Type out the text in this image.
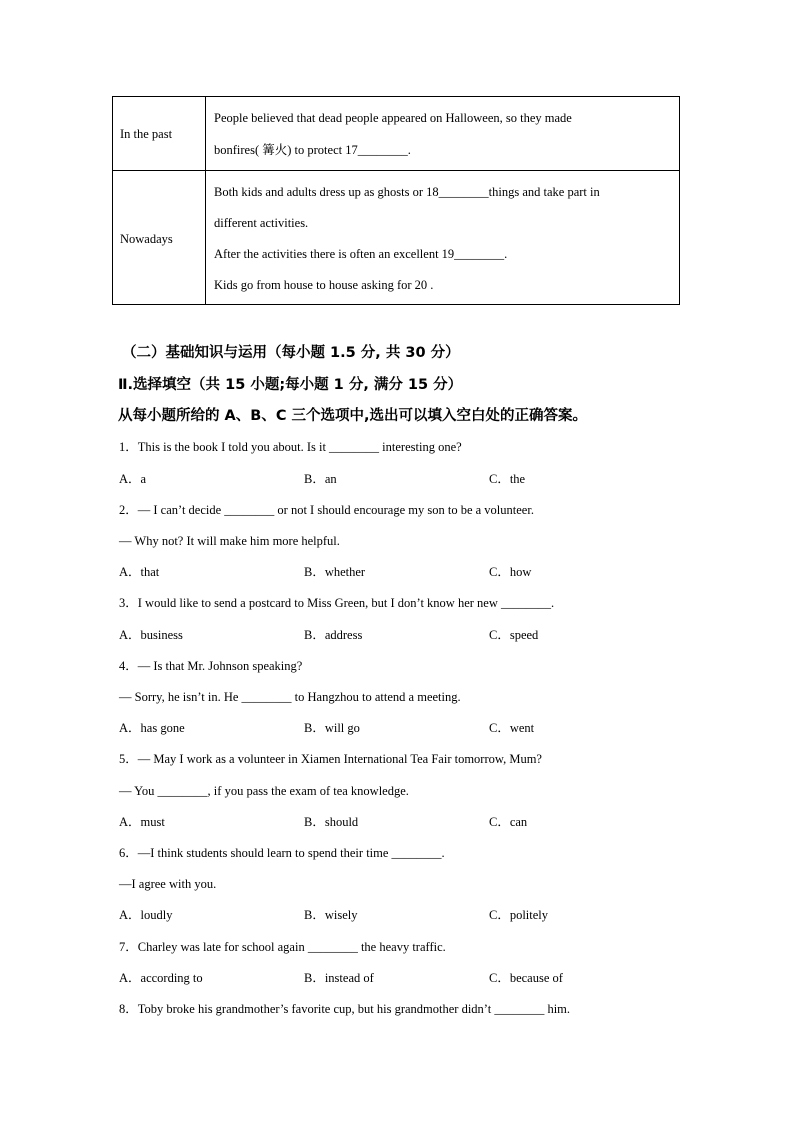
In the past
People believed that dead people appeared on Halloween, so they made
bonfires( 篝火) to protect 17________.
Nowadays
Both kids and adults dress up as ghosts or 18________things and take part in
different activities.
After the activities there is often an excellent 19________.
Kids go from house to house asking for 20 .
（二）基础知识与运用（每小题 1.5 分, 共 30 分）
Ⅱ.选择填空（共 15 小题;每小题 1 分, 满分 15 分）
从每小题所给的 A、B、C 三个选项中,选出可以填入空白处的正确答案。
1．This is the book I told you about. Is it ________ interesting one?
A．a	B．an	C．the
2．— I can’t decide ________ or not I should encourage my son to be a volunteer.
— Why not? It will make him more helpful.
A．that	B．whether	C．how
3．I would like to send a postcard to Miss Green, but I don’t know her new ________.
A．business	B．address	C．speed
4．— Is that Mr. Johnson speaking?
— Sorry, he isn’t in. He ________ to Hangzhou to attend a meeting.
A．has gone	B．will go	C．went
5．— May I work as a volunteer in Xiamen International Tea Fair tomorrow, Mum?
— You ________, if you pass the exam of tea knowledge.
A．must	B．should	C．can
6．—I think students should learn to spend their time ________.
—I agree with you.
A．loudly	B．wisely	C．politely
7．Charley was late for school again ________ the heavy traffic.
A．according to	B．instead of	C．because of
8．Toby broke his grandmother’s favorite cup, but his grandmother didn’t ________ him.
